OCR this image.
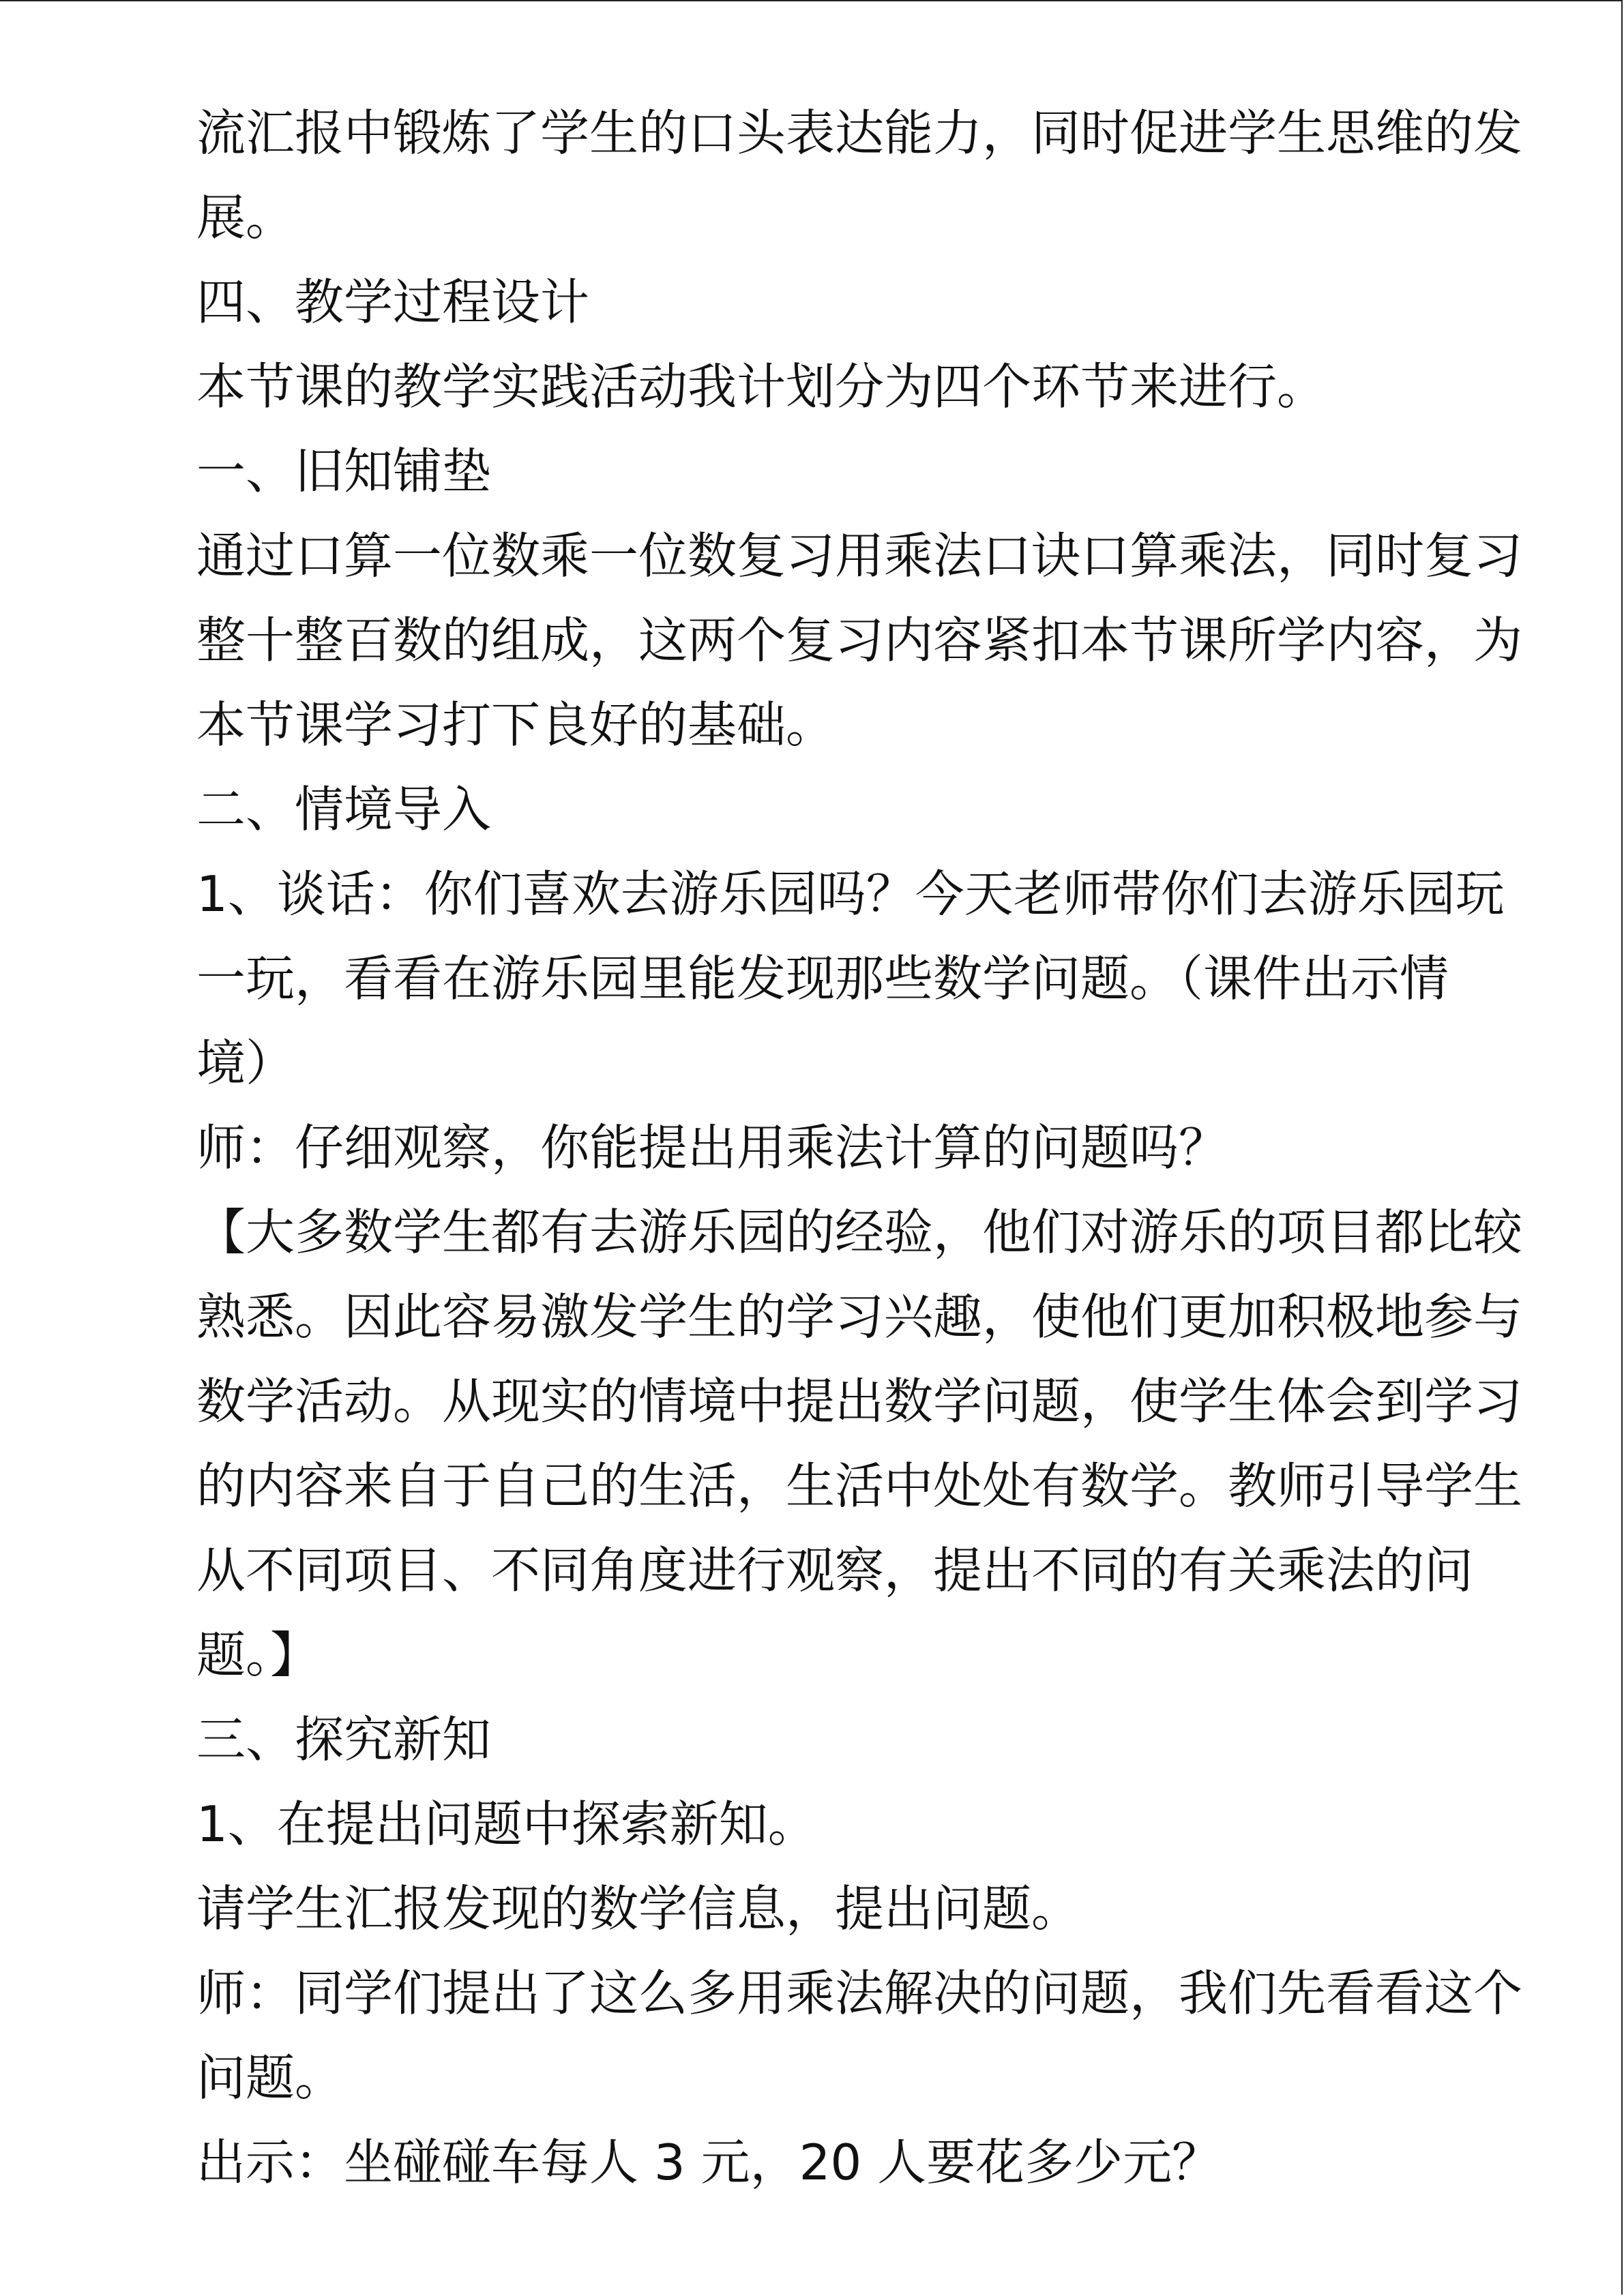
流汇报中锻炼了学生的口头表达能力，同时促进学生思维的发
展。
四、教学过程设计
本节课的教学实践活动我计划分为四个环节来进行。
一、旧知铺垫
通过口算一位数乘一位数复习用乘法口诀口算乘法，同时复习
整十整百数的组成，这两个复习内容紧扣本节课所学内容，为
本节课学习打下良好的基础。
二、情境导入
1、谈话：你们喜欢去游乐园吗？今天老师带你们去游乐园玩
一玩，看看在游乐园里能发现那些数学问题。（课件出示情
境）
师：仔细观察，你能提出用乘法计算的问题吗？
【大多数学生都有去游乐园的经验，他们对游乐的项目都比较
熟悉。因此容易激发学生的学习兴趣，使他们更加积极地参与
数学活动。从现实的情境中提出数学问题，使学生体会到学习
的内容来自于自己的生活，生活中处处有数学。教师引导学生
从不同项目、不同角度进行观察，提出不同的有关乘法的问
题。】
三、探究新知
1、在提出问题中探索新知。
请学生汇报发现的数学信息，提出问题。
师：同学们提出了这么多用乘法解决的问题，我们先看看这个
问题。
出示：坐碰碰车每人 3 元，20 人要花多少元？
